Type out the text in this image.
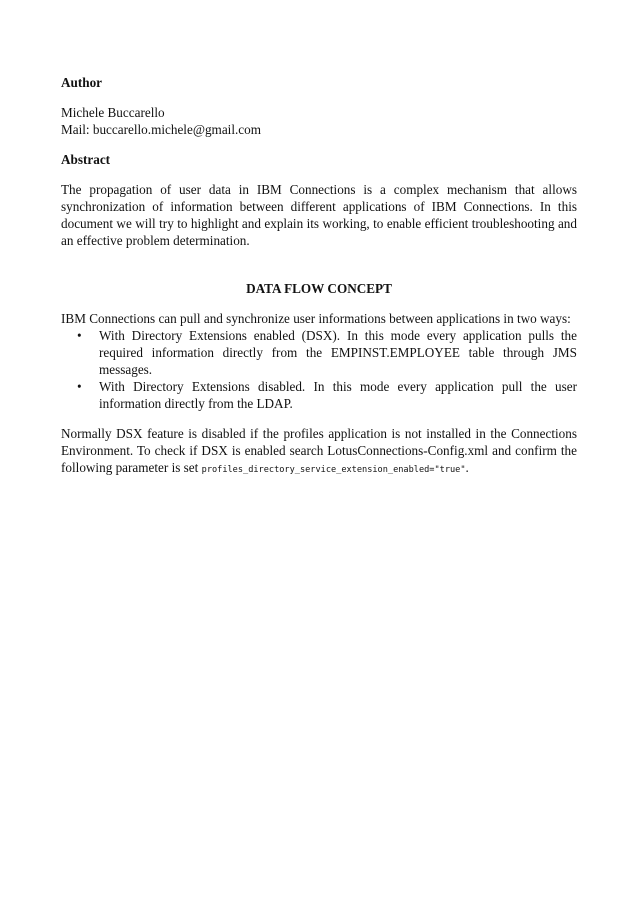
Author

Michele Buccarello

Mail: buccarello.michele@gmail.com

Abstract

The propagation of user data in IBM Connections is a complex mechanism that allows synchronization of information between different applications of IBM Connections. In this document we will try to highlight and explain its working, to enable efficient troubleshooting and an effective problem determination.

DATA FLOW CONCEPT

IBM Connections can pull and synchronize user informations between applications in two ways:

• With Directory Extensions enabled (DSX). In this mode every application pulls the required information directly from the EMPINST.EMPLOYEE table through JMS messages.
• With Directory Extensions disabled. In this mode every application pull the user information directly from the LDAP.

Normally DSX feature is disabled if the profiles application is not installed in the Connections Environment. To check if DSX is enabled search LotusConnections-Config.xml and confirm the following parameter is set profiles_directory_service_extension_enabled="true".
